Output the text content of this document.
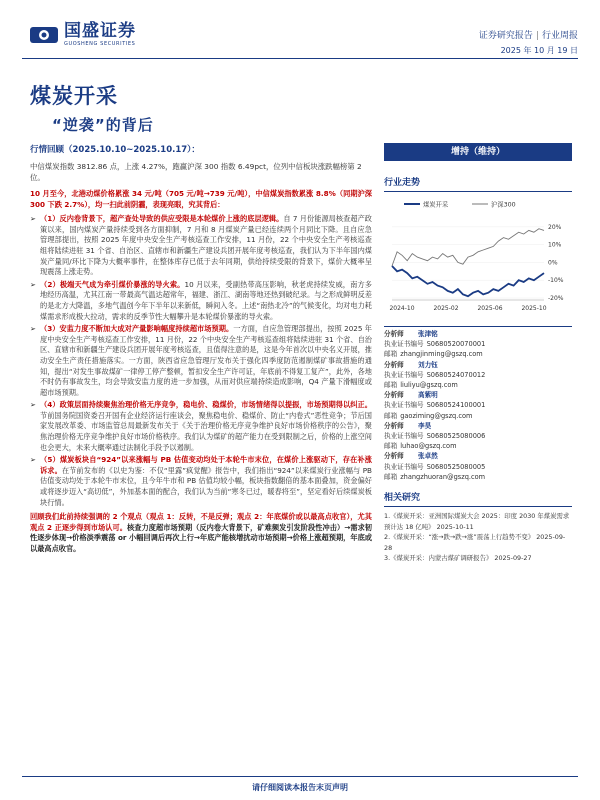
国盛证券
GUOSHENG SECURITIES
证券研究报告 | 行业周报
2025 年 10 月 19 日
煤炭开采
“逆袭”的背后
行情回顾（2025.10.10~2025.10.17）：
中信煤炭指数 3812.86 点，上涨 4.27%，跑赢沪深 300 指数 6.49pct，位列中信板块涨跌幅榜第 2 位。
10 月至今，北港动煤价格累涨 34 元/吨（705 元/吨→739 元/吨），中信煤炭指数累涨 8.8%（同期沪深 300 下跌 2.7%），均一扫此前阴霾，表现亮眼，究其背后：
➢ （1）反内卷背景下，超产查处导致的供应受限是本轮煤价上涨的底层逻辑。自 7 月份能源局核查超产政策以来，国内煤炭产量持续受到各方面抑制，7 月和 8 月煤炭产量已经连续两个月同比下降。且自应急管理部提出，按照 2025 年度中央安全生产考核巡查工作安排，11 月份，22 个中央安全生产考核巡查组将陆续进驻 31 个省、自治区、直辖市和新疆生产建设兵团开展年度考核巡查，我们认为下半年国内煤炭产量同/环比下降为大概率事件，在整体库存已低于去年同期，供给持续受限的背景下，煤价大概率呈现震荡上涨走势。
➢ （2）极端天气成为牵引煤价暴涨的导火索。10 月以来，受副热带高压影响，秋老虎持续发威，南方多地经历高温，尤其江南一带最高气温达超常年，福建、浙江、湖南等地还热到破纪录。与之形成鲜明反差的是北方大降温，多地气温创今年下半年以来新低，瞬间入冬。上述“南热北冷”的气候变化，均对电力耗煤需求形成极大拉动，需求的反季节性大幅攀升是本轮煤价暴涨的导火索。
➢ （3）安监力度不断加大成对产量影响幅度持续超市场预期。一方面，自应急管理部提出，按照 2025 年度中央安全生产考核巡查工作安排，11 月份，22 个中央安全生产考核巡查组将陆续进驻 31 个省、自治区、直辖市和新疆生产建设兵团开展年度考核巡查，且值得注意的是，这是今年首次以中央名义开展，推动安全生产责任措施落实。一方面，陕西省应急管理厅发布关于强化四季度防范遏制煤矿事故措施的通知，提出“对发生事故煤矿一律停工停产整顿，暂扣安全生产许可证，年底前不得复工复产”，此外，各地不时仍有事故发生，均会导致安监力度的进一步加强，从而对供应端持续造成影响，Q4 产量下滑幅度或超市场预期。
➢ （4）政策层面持续聚焦治理价格无序竞争，稳电价、稳煤价，市场情绪得以提振，市场预期得以纠正。节前国务院国资委召开国有企业经济运行座谈会，聚焦稳电价、稳煤价、防止“内卷式”恶性竞争；节后国家发展改革委、市场监管总局最新发布关于《关于治理价格无序竞争维护良好市场价格秩序的公告》，聚焦治理价格无序竞争维护良好市场价格秩序。我们认为煤矿的超产能力在受到限制之后，价格的上涨空间也会更大，未来大概率通过法制化手段予以遏制。
➢ （5）煤炭板块自“924”以来涨幅与 PB 估值变动均处于本轮牛市末位，在煤价上涨驱动下，存在补涨诉求。在节前发布的《以史为鉴：不仅“里露”疯觉醒》报告中，我们指出“924”以来煤炭行业涨幅与 PB 估值变动均处于本轮牛市末位，且今年牛市和 PB 估值均较小幅，板块指数翻倍的基本面叠加，资金偏好或将逐步迈入“高切低”，外加基本面的配合，我们认为当前“寒冬已过，暖春将至”，坚定看好后续煤炭板块行情。
回顾我们此前持续强调的 2 个观点（观点 1：反转，不是反弹；观点 2：年底煤价或以最高点收官），尤其观点 2 正逐步得到市场认可。核查力度超市场预期（反内卷大背景下，矿难频发引发阶段性冲击）→需求韧性逐步体现→价格淡季震荡 or 小幅回调后再次上行→年底产能核增扰动市场预期→价格上涨超预期，年底或以最高点收官。
增持（维持）
行业走势
煤炭开采	沪深300
20%
10%
0%
-10%
-20%
2024-10	2025-02	2025-06	2025-10
分析师	张津铭
执业证书编号 S0680520070001
邮箱 zhangjinming@gszq.com
分析师	刘力钰
执业证书编号 S0680524070012
邮箱 liuliyu@gszq.com
分析师	高紫明
执业证书编号 S0680524100001
邮箱 gaoziming@gszq.com
分析师	李昊
执业证书编号 S0680525080006
邮箱 luhao@gszq.com
分析师	张卓然
执业证书编号 S0680525080005
邮箱 zhangzhuoran@gszq.com
相关研究
1.《煤炭开采：亚洲国际煤炭大会 2025：印度 2030 年煤炭需求预计达 18 亿吨》 2025-10-11
2.《煤炭开采：“涨→跌→跌→涨”震荡上行趋势不变》 2025-09-28
3.《煤炭开采：内蒙古煤矿调研报告》 2025-09-27
请仔细阅读本报告末页声明
